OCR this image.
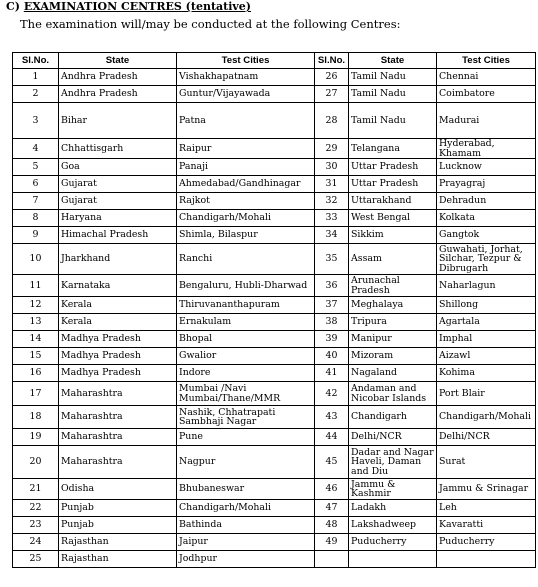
C) EXAMINATION CENTRES (tentative)
The examination will/may be conducted at the following Centres:
Sl.No.	State	Test Cities	Sl.No.	State	Test Cities
1	Andhra Pradesh	Vishakhapatnam	26	Tamil Nadu	Chennai
2	Andhra Pradesh	Guntur/Vijayawada	27	Tamil Nadu	Coimbatore
3	Bihar	Patna	28	Tamil Nadu	Madurai
4	Chhattisgarh	Raipur	29	Telangana	Hyderabad, Khamam
5	Goa	Panaji	30	Uttar Pradesh	Lucknow
6	Gujarat	Ahmedabad/Gandhinagar	31	Uttar Pradesh	Prayagraj
7	Gujarat	Rajkot	32	Uttarakhand	Dehradun
8	Haryana	Chandigarh/Mohali	33	West Bengal	Kolkata
9	Himachal Pradesh	Shimla, Bilaspur	34	Sikkim	Gangtok
10	Jharkhand	Ranchi	35	Assam	Guwahati, Jorhat, Silchar, Tezpur & Dibrugarh
11	Karnataka	Bengaluru, Hubli-Dharwad	36	Arunachal Pradesh	Naharlagun
12	Kerala	Thiruvananthapuram	37	Meghalaya	Shillong
13	Kerala	Ernakulam	38	Tripura	Agartala
14	Madhya Pradesh	Bhopal	39	Manipur	Imphal
15	Madhya Pradesh	Gwalior	40	Mizoram	Aizawl
16	Madhya Pradesh	Indore	41	Nagaland	Kohima
17	Maharashtra	Mumbai /Navi Mumbai/Thane/MMR	42	Andaman and Nicobar Islands	Port Blair
18	Maharashtra	Nashik, Chhatrapati Sambhaji Nagar	43	Chandigarh	Chandigarh/Mohali
19	Maharashtra	Pune	44	Delhi/NCR	Delhi/NCR
20	Maharashtra	Nagpur	45	Dadar and Nagar Haveli, Daman and Diu	Surat
21	Odisha	Bhubaneswar	46	Jammu & Kashmir	Jammu & Srinagar
22	Punjab	Chandigarh/Mohali	47	Ladakh	Leh
23	Punjab	Bathinda	48	Lakshadweep	Kavaratti
24	Rajasthan	Jaipur	49	Puducherry	Puducherry
25	Rajasthan	Jodhpur			
